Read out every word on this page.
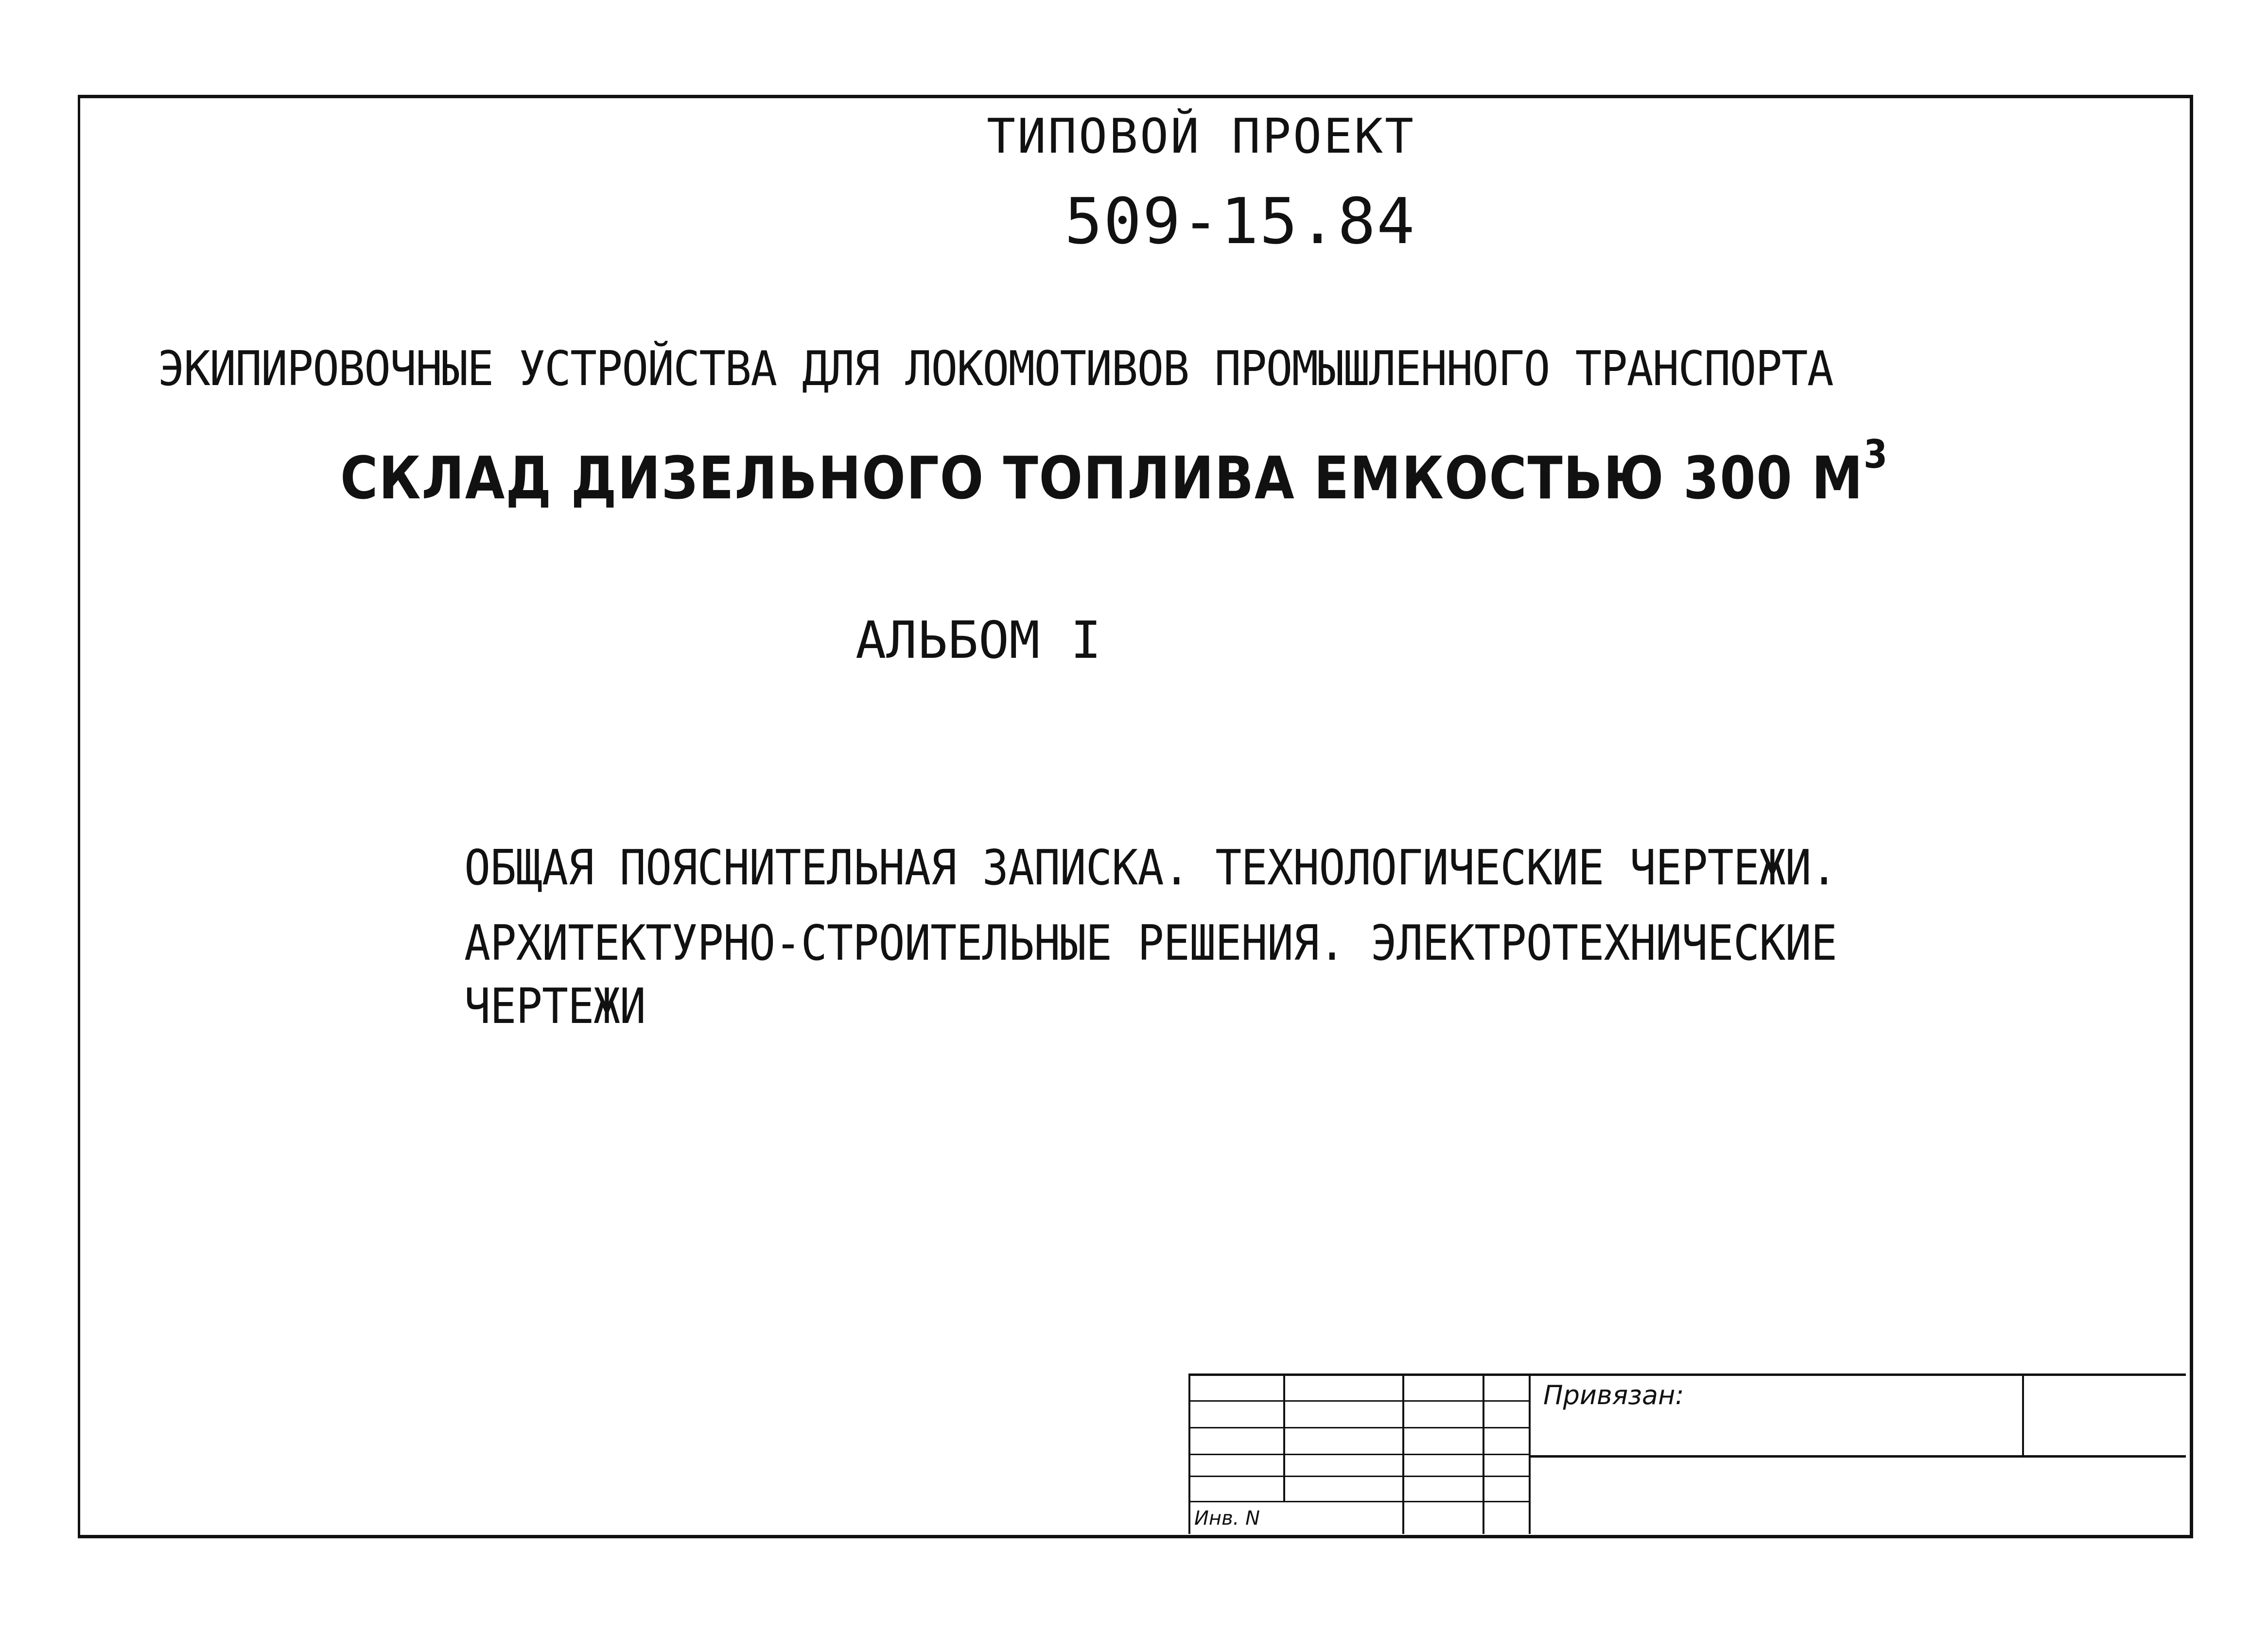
ТИПОВОЙ ПРОЕКТ
509-15.84
ЭКИПИРОВОЧНЫЕ УСТРОЙСТВА ДЛЯ ЛОКОМОТИВОВ ПРОМЫШЛЕННОГО ТРАНСПОРТА
СКЛАД ДИЗЕЛЬНОГО ТОПЛИВА ЕМКОСТЬЮ 300 $М^3$
АЛЬБОМ I
ОБЩАЯ ПОЯСНИТЕЛЬНАЯ ЗАПИСКА. ТЕХНОЛОГИЧЕСКИЕ ЧЕРТЕЖИ.
АРХИТЕКТУРНО-СТРОИТЕЛЬНЫЕ РЕШЕНИЯ. ЭЛЕКТРОТЕХНИЧЕСКИЕ
ЧЕРТЕЖИ
Привязан:
Инв. N
